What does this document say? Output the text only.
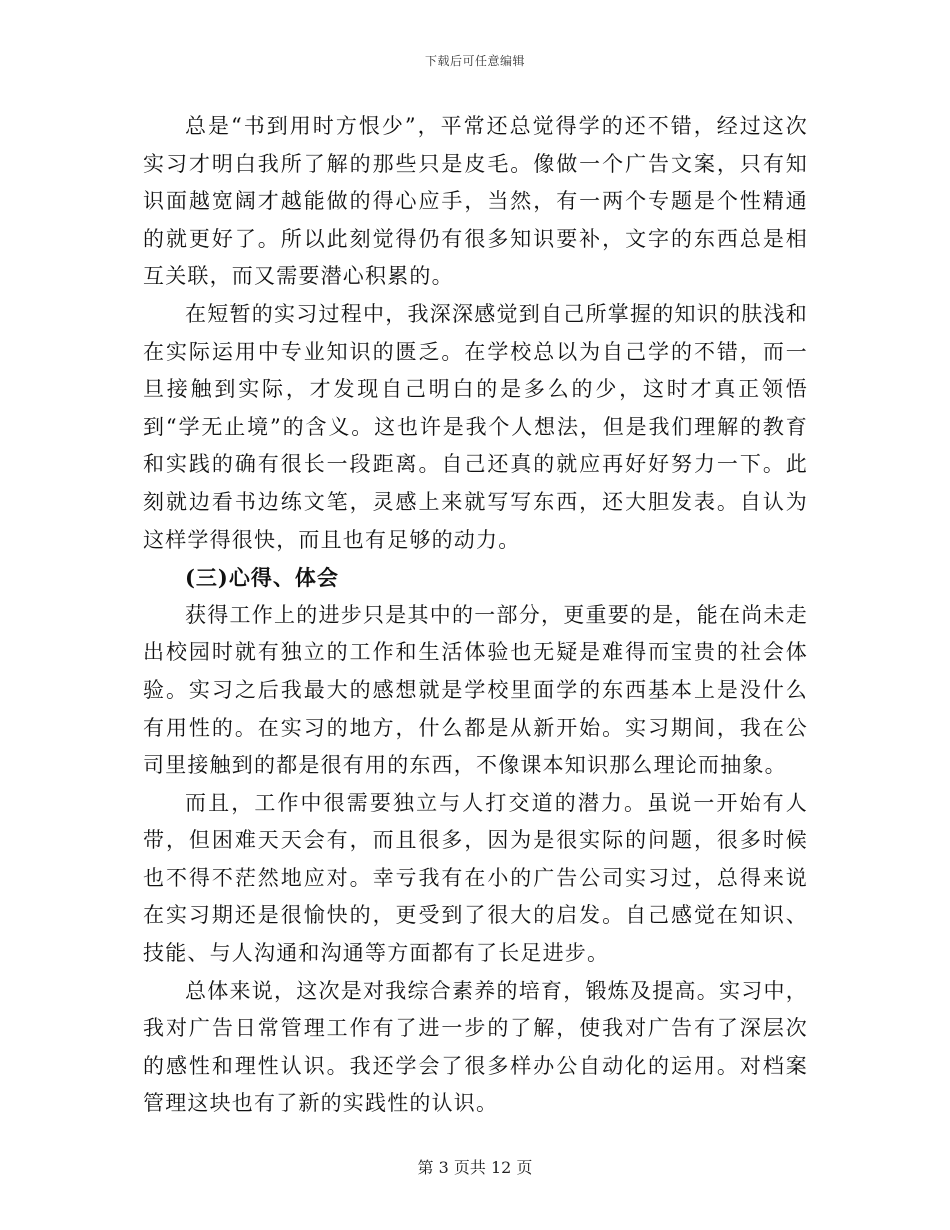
下载后可任意编辑

总是“书到用时方恨少”，平常还总觉得学的还不错，经过这次实习才明白我所了解的那些只是皮毛。像做一个广告文案，只有知识面越宽阔才越能做的得心应手，当然，有一两个专题是个性精通的就更好了。所以此刻觉得仍有很多知识要补，文字的东西总是相互关联，而又需要潜心积累的。

在短暂的实习过程中，我深深感觉到自己所掌握的知识的肤浅和在实际运用中专业知识的匮乏。在学校总以为自己学的不错，而一旦接触到实际，才发现自己明白的是多么的少，这时才真正领悟到“学无止境”的含义。这也许是我个人想法，但是我们理解的教育和实践的确有很长一段距离。自己还真的就应再好好努力一下。此刻就边看书边练文笔，灵感上来就写写东西，还大胆发表。自认为这样学得很快，而且也有足够的动力。

(三)心得、体会

获得工作上的进步只是其中的一部分，更重要的是，能在尚未走出校园时就有独立的工作和生活体验也无疑是难得而宝贵的社会体验。实习之后我最大的感想就是学校里面学的东西基本上是没什么有用性的。在实习的地方，什么都是从新开始。实习期间，我在公司里接触到的都是很有用的东西，不像课本知识那么理论而抽象。

而且，工作中很需要独立与人打交道的潜力。虽说一开始有人带，但困难天天会有，而且很多，因为是很实际的问题，很多时候也不得不茫然地应对。幸亏我有在小的广告公司实习过，总得来说在实习期还是很愉快的，更受到了很大的启发。自己感觉在知识、技能、与人沟通和沟通等方面都有了长足进步。

总体来说，这次是对我综合素养的培育，锻炼及提高。实习中，我对广告日常管理工作有了进一步的了解，使我对广告有了深层次的感性和理性认识。我还学会了很多样办公自动化的运用。对档案管理这块也有了新的实践性的认识。

第 3 页共 12 页
